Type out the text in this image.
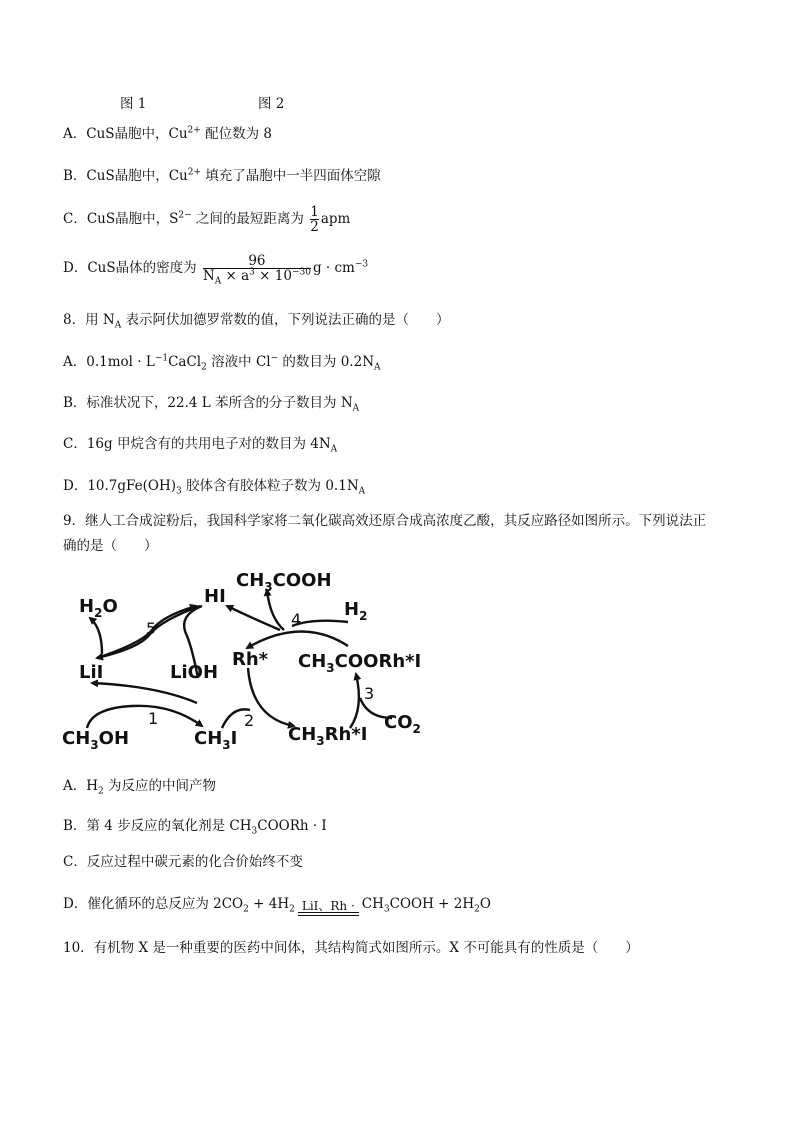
图 1	图 2
A．CuS晶胞中，$Cu^{2+}$ 配位数为 8
B．CuS晶胞中，$Cu^{2+}$ 填充了晶胞中一半四面体空隙
C．CuS晶胞中，$S^{2-}$ 之间的最短距离为 $\frac{1}{2}$ apm
D．CuS晶体的密度为 $\frac{96}{N_A \times a^3 \times 10^{-30}}$ $g \cdot cm^{-3}$
8．用 $N_A$ 表示阿伏加德罗常数的值，下列说法正确的是（　　）
A．$0.1mol \cdot L^{-1}CaCl_2$ 溶液中 Cl− 的数目为 $0.2N_A$
B．标准状况下，22.4 L 苯所含的分子数目为 $N_A$
C．16g 甲烷含有的共用电子对的数目为 $4N_A$
D．$10.7gFe(OH)_3$ 胶体含有胶体粒子数为 $0.1N_A$
9．继人工合成淀粉后，我国科学家将二氧化碳高效还原合成高浓度乙酸，其反应路径如图所示。下列说法正
确的是（　　）
$H_2O$	HI
$CH_3COOH$
$H_2$
LiI	LiOH
Rh* $CH_3COORh*I$
$CH_3OH$	$CH_3I$	$CH_3Rh*I$
$CO_2$
1	2
3
4
5
A．$H_2$ 为反应的中间产物
B．第 4 步反应的氧化剂是 $CH_3COORh \cdot I$
C．反应过程中碳元素的化合价始终不变
D．催化循环的总反应为 $2CO_2 + 4H_2$ LiI、$Rh \cdot CH_3COOH + 2H_2O$
10．有机物 X 是一种重要的医药中间体，其结构简式如图所示。X 不可能具有的性质是（　　）
